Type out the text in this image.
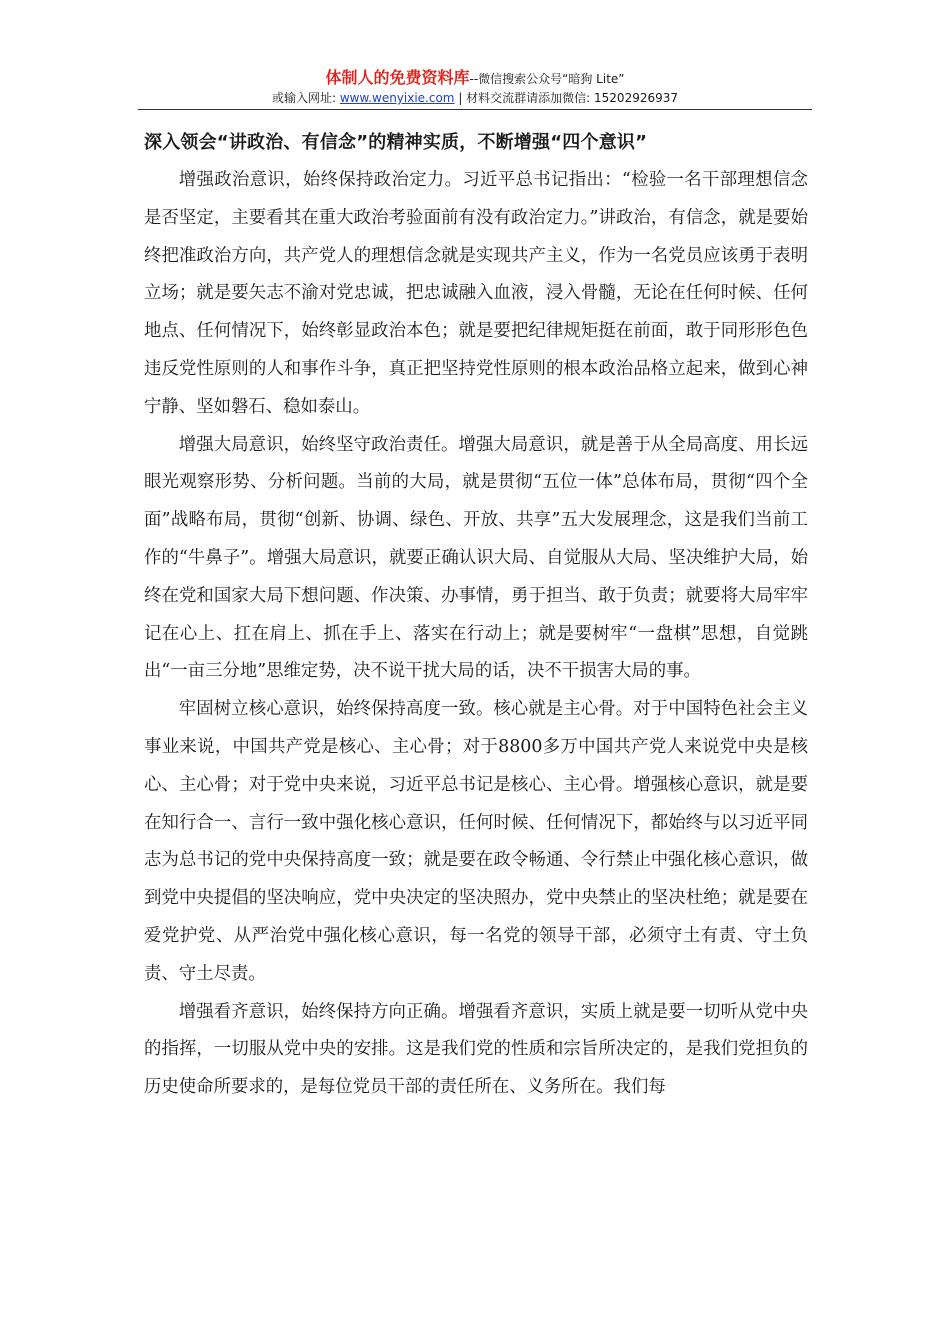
体制人的免费资料库--微信搜索公众号“暗狗 Lite”
或输入网址: www.wenyixie.com | 材料交流群请添加微信: 15202926937
深入领会“讲政治、有信念”的精神实质，不断增强“四个意识”

增强政治意识，始终保持政治定力。习近平总书记指出：“检验一名干部理想信念是否坚定，主要看其在重大政治考验面前有没有政治定力。”讲政治，有信念，就是要始终把准政治方向，共产党人的理想信念就是实现共产主义，作为一名党员应该勇于表明立场；就是要矢志不渝对党忠诚，把忠诚融入血液，浸入骨髓，无论在任何时候、任何地点、任何情况下，始终彰显政治本色；就是要把纪律规矩挺在前面，敢于同形形色色违反党性原则的人和事作斗争，真正把坚持党性原则的根本政治品格立起来，做到心神宁静、坚如磐石、稳如泰山。

增强大局意识，始终坚守政治责任。增强大局意识，就是善于从全局高度、用长远眼光观察形势、分析问题。当前的大局，就是贯彻“五位一体”总体布局，贯彻“四个全面”战略布局，贯彻“创新、协调、绿色、开放、共享”五大发展理念，这是我们当前工作的“牛鼻子”。增强大局意识，就要正确认识大局、自觉服从大局、坚决维护大局，始终在党和国家大局下想问题、作决策、办事情，勇于担当、敢于负责；就要将大局牢牢记在心上、扛在肩上、抓在手上、落实在行动上；就是要树牢“一盘棋”思想，自觉跳出“一亩三分地”思维定势，决不说干扰大局的话，决不干损害大局的事。

牢固树立核心意识，始终保持高度一致。核心就是主心骨。对于中国特色社会主义事业来说，中国共产党是核心、主心骨；对于8800多万中国共产党人来说党中央是核心、主心骨；对于党中央来说，习近平总书记是核心、主心骨。增强核心意识，就是要在知行合一、言行一致中强化核心意识，任何时候、任何情况下，都始终与以习近平同志为总书记的党中央保持高度一致；就是要在政令畅通、令行禁止中强化核心意识，做到党中央提倡的坚决响应，党中央决定的坚决照办，党中央禁止的坚决杜绝；就是要在爱党护党、从严治党中强化核心意识，每一名党的领导干部，必须守土有责、守土负责、守土尽责。

增强看齐意识，始终保持方向正确。增强看齐意识，实质上就是要一切听从党中央的指挥，一切服从党中央的安排。这是我们党的性质和宗旨所决定的，是我们党担负的历史使命所要求的，是每位党员干部的责任所在、义务所在。我们每
